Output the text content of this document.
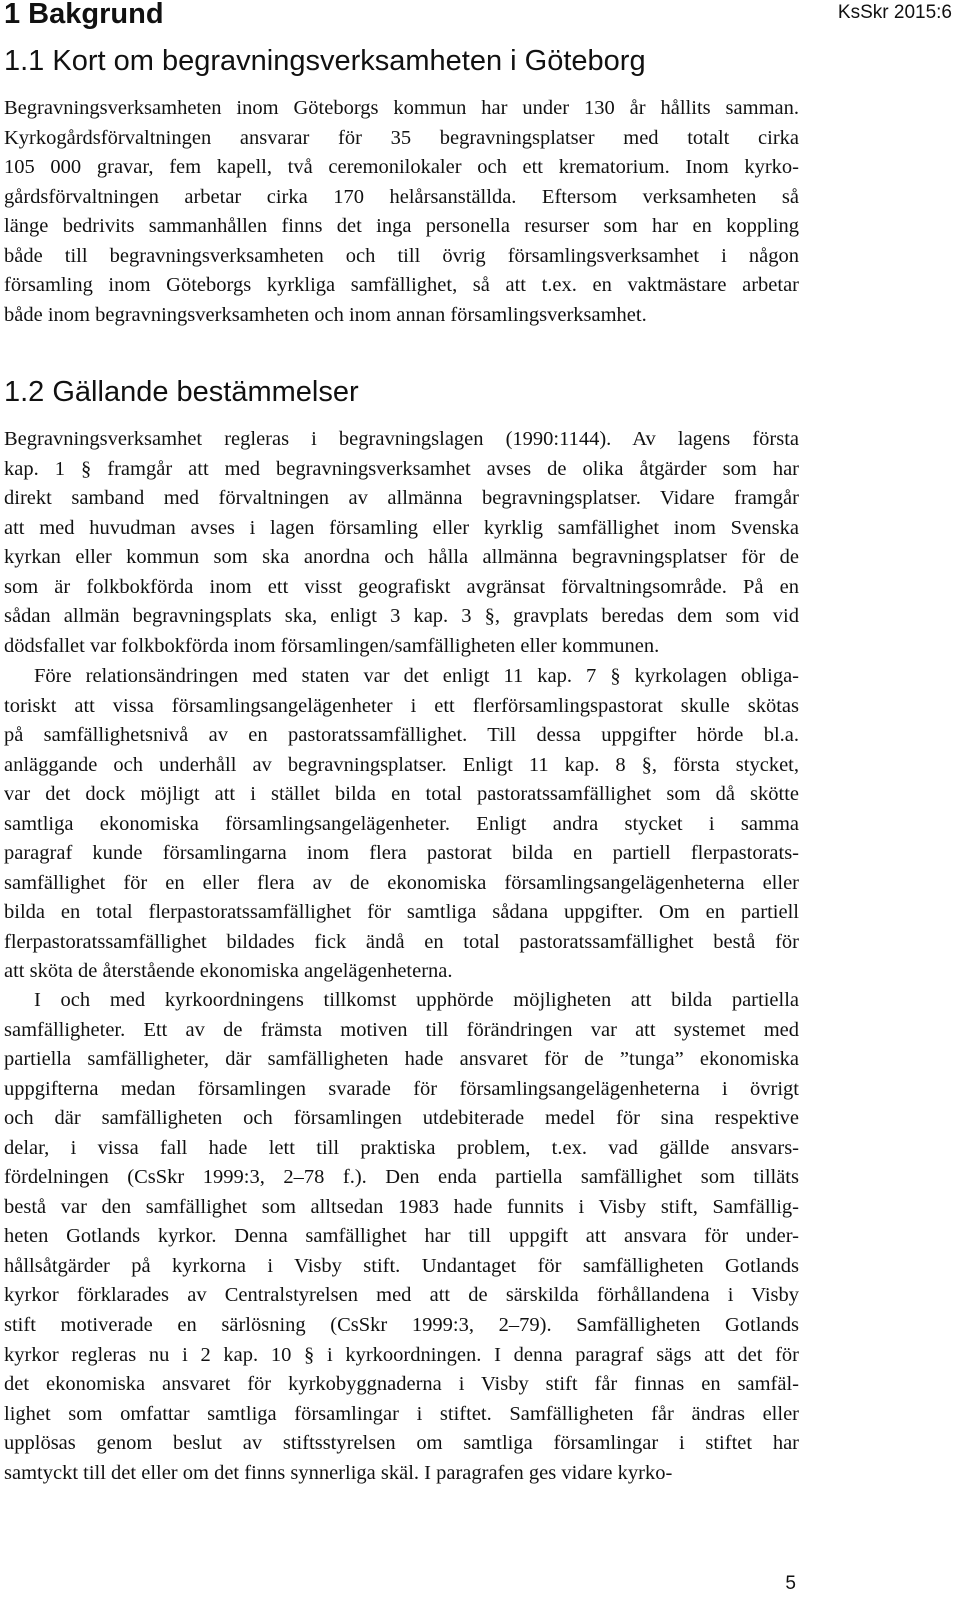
KsSkr 2015:6
1 Bakgrund
1.1 Kort om begravningsverksamheten i Göteborg

Begravningsverksamheten inom Göteborgs kommun har under 130 år hållits samman.
Kyrkogårdsförvaltningen ansvarar för 35 begravningsplatser med totalt cirka
105 000 gravar, fem kapell, två ceremonilokaler och ett krematorium. Inom kyrko-
gårdsförvaltningen arbetar cirka 170 helårsanställda. Eftersom verksamheten så
länge bedrivits sammanhållen finns det inga personella resurser som har en koppling
både till begravningsverksamheten och till övrig församlingsverksamhet i någon
församling inom Göteborgs kyrkliga samfällighet, så att t.ex. en vaktmästare arbetar
både inom begravningsverksamheten och inom annan församlingsverksamhet.

1.2 Gällande bestämmelser

Begravningsverksamhet regleras i begravningslagen (1990:1144). Av lagens första
kap. 1 § framgår att med begravningsverksamhet avses de olika åtgärder som har
direkt samband med förvaltningen av allmänna begravningsplatser. Vidare framgår
att med huvudman avses i lagen församling eller kyrklig samfällighet inom Svenska
kyrkan eller kommun som ska anordna och hålla allmänna begravningsplatser för de
som är folkbokförda inom ett visst geografiskt avgränsat förvaltningsområde. På en
sådan allmän begravningsplats ska, enligt 3 kap. 3 §, gravplats beredas dem som vid
dödsfallet var folkbokförda inom församlingen/samfälligheten eller kommunen.

Före relationsändringen med staten var det enligt 11 kap. 7 § kyrkolagen obliga-
toriskt att vissa församlingsangelägenheter i ett flerförsamlingspastorat skulle skötas
på samfällighetsnivå av en pastoratssamfällighet. Till dessa uppgifter hörde bl.a.
anläggande och underhåll av begravningsplatser. Enligt 11 kap. 8 §, första stycket,
var det dock möjligt att i stället bilda en total pastoratssamfällighet som då skötte
samtliga ekonomiska församlingsangelägenheter. Enligt andra stycket i samma
paragraf kunde församlingarna inom flera pastorat bilda en partiell flerpastorats-
samfällighet för en eller flera av de ekonomiska församlingsangelägenheterna eller
bilda en total flerpastoratssamfällighet för samtliga sådana uppgifter. Om en partiell
flerpastoratssamfällighet bildades fick ändå en total pastoratssamfällighet bestå för
att sköta de återstående ekonomiska angelägenheterna.

I och med kyrkoordningens tillkomst upphörde möjligheten att bilda partiella
samfälligheter. Ett av de främsta motiven till förändringen var att systemet med
partiella samfälligheter, där samfälligheten hade ansvaret för de ”tunga” ekonomiska
uppgifterna medan församlingen svarade för församlingsangelägenheterna i övrigt
och där samfälligheten och församlingen utdebiterade medel för sina respektive
delar, i vissa fall hade lett till praktiska problem, t.ex. vad gällde ansvars-
fördelningen (CsSkr 1999:3, 2–78 f.). Den enda partiella samfällighet som tilläts
bestå var den samfällighet som alltsedan 1983 hade funnits i Visby stift, Samfällig-
heten Gotlands kyrkor. Denna samfällighet har till uppgift att ansvara för under-
hållsåtgärder på kyrkorna i Visby stift. Undantaget för samfälligheten Gotlands
kyrkor förklarades av Centralstyrelsen med att de särskilda förhållandena i Visby
stift motiverade en särlösning (CsSkr 1999:3, 2–79). Samfälligheten Gotlands
kyrkor regleras nu i 2 kap. 10 § i kyrkoordningen. I denna paragraf sägs att det för
det ekonomiska ansvaret för kyrkobyggnaderna i Visby stift får finnas en samfäl-
lighet som omfattar samtliga församlingar i stiftet. Samfälligheten får ändras eller
upplösas genom beslut av stiftsstyrelsen om samtliga församlingar i stiftet har
samtyckt till det eller om det finns synnerliga skäl. I paragrafen ges vidare kyrko-

5
